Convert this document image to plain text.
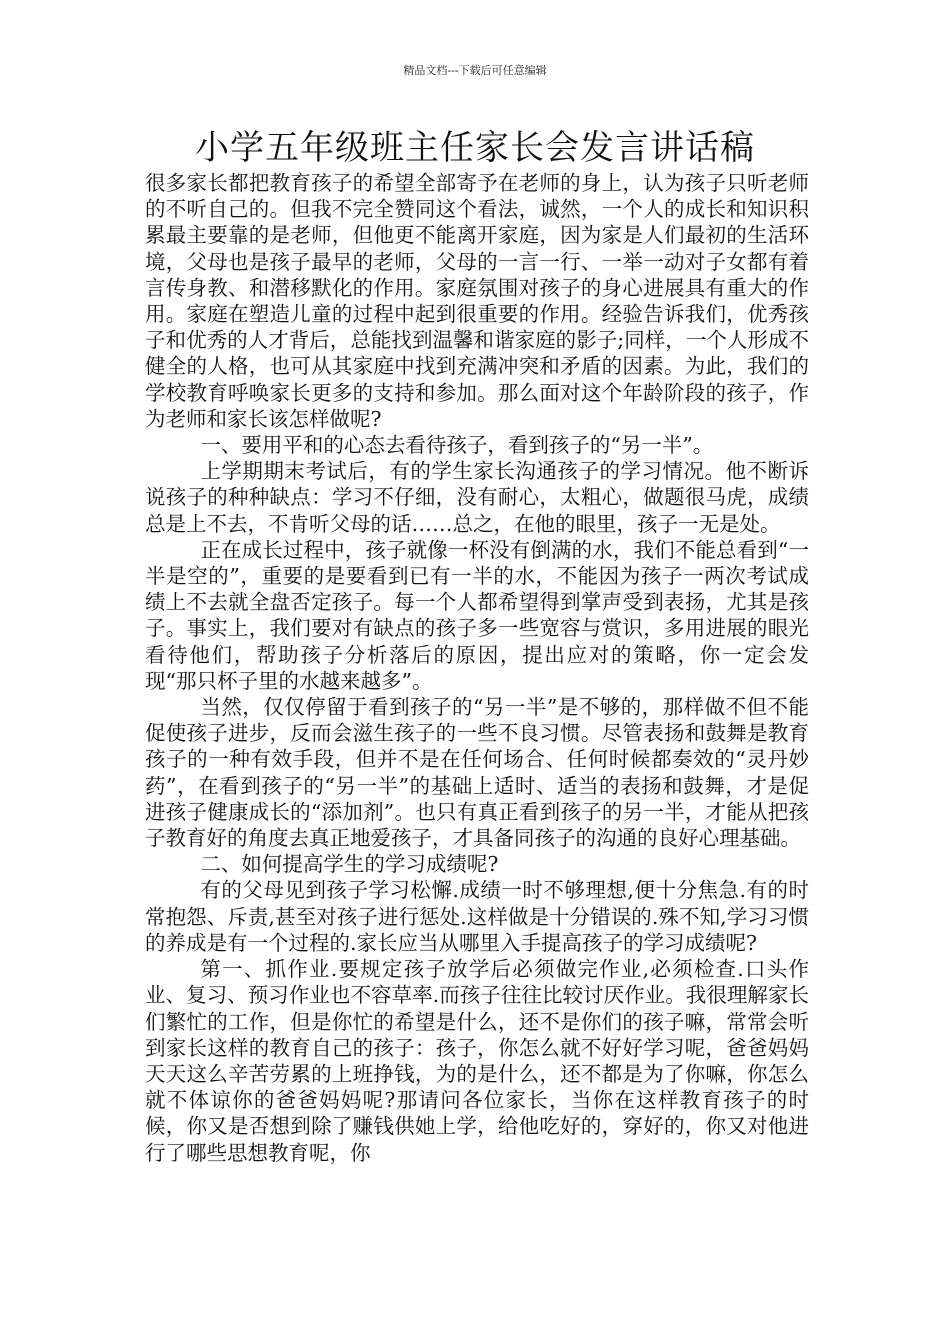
精品文档---下载后可任意编辑
小学五年级班主任家长会发言讲话稿

很多家长都把教育孩子的希望全部寄予在老师的身上，认为孩子只听老师的不听自己的。但我不完全赞同这个看法，诚然，一个人的成长和知识积累最主要靠的是老师，但他更不能离开家庭，因为家是人们最初的生活环境，父母也是孩子最早的老师，父母的一言一行、一举一动对子女都有着言传身教、和潜移默化的作用。家庭氛围对孩子的身心进展具有重大的作用。家庭在塑造儿童的过程中起到很重要的作用。经验告诉我们，优秀孩子和优秀的人才背后，总能找到温馨和谐家庭的影子;同样，一个人形成不健全的人格，也可从其家庭中找到充满冲突和矛盾的因素。为此，我们的学校教育呼唤家长更多的支持和参加。那么面对这个年龄阶段的孩子，作为老师和家长该怎样做呢?

一、要用平和的心态去看待孩子，看到孩子的“另一半”。

上学期期末考试后，有的学生家长沟通孩子的学习情况。他不断诉说孩子的种种缺点：学习不仔细，没有耐心，太粗心，做题很马虎，成绩总是上不去，不肯听父母的话……总之，在他的眼里，孩子一无是处。

正在成长过程中，孩子就像一杯没有倒满的水，我们不能总看到“一半是空的”，重要的是要看到已有一半的水，不能因为孩子一两次考试成绩上不去就全盘否定孩子。每一个人都希望得到掌声受到表扬，尤其是孩子。事实上，我们要对有缺点的孩子多一些宽容与赏识，多用进展的眼光看待他们，帮助孩子分析落后的原因，提出应对的策略，你一定会发现“那只杯子里的水越来越多”。

当然，仅仅停留于看到孩子的“另一半”是不够的，那样做不但不能促使孩子进步，反而会滋生孩子的一些不良习惯。尽管表扬和鼓舞是教育孩子的一种有效手段，但并不是在任何场合、任何时候都奏效的“灵丹妙药”，在看到孩子的“另一半”的基础上适时、适当的表扬和鼓舞，才是促进孩子健康成长的“添加剂”。也只有真正看到孩子的另一半，才能从把孩子教育好的角度去真正地爱孩子，才具备同孩子的沟通的良好心理基础。

二、如何提高学生的学习成绩呢?

有的父母见到孩子学习松懈.成绩一时不够理想,便十分焦急.有的时常抱怨、斥责,甚至对孩子进行惩处.这样做是十分错误的.殊不知,学习习惯的养成是有一个过程的.家长应当从哪里入手提高孩子的学习成绩呢?

第一、抓作业.要规定孩子放学后必须做完作业,必须检查.口头作业、复习、预习作业也不容草率.而孩子往往比较讨厌作业。我很理解家长们繁忙的工作，但是你忙的希望是什么，还不是你们的孩子嘛，常常会听到家长这样的教育自己的孩子：孩子，你怎么就不好好学习呢，爸爸妈妈天天这么辛苦劳累的上班挣钱，为的是什么，还不都是为了你嘛，你怎么就不体谅你的爸爸妈妈呢?那请问各位家长，当你在这样教育孩子的时候，你又是否想到除了赚钱供她上学，给他吃好的，穿好的，你又对他进行了哪些思想教育呢，你
